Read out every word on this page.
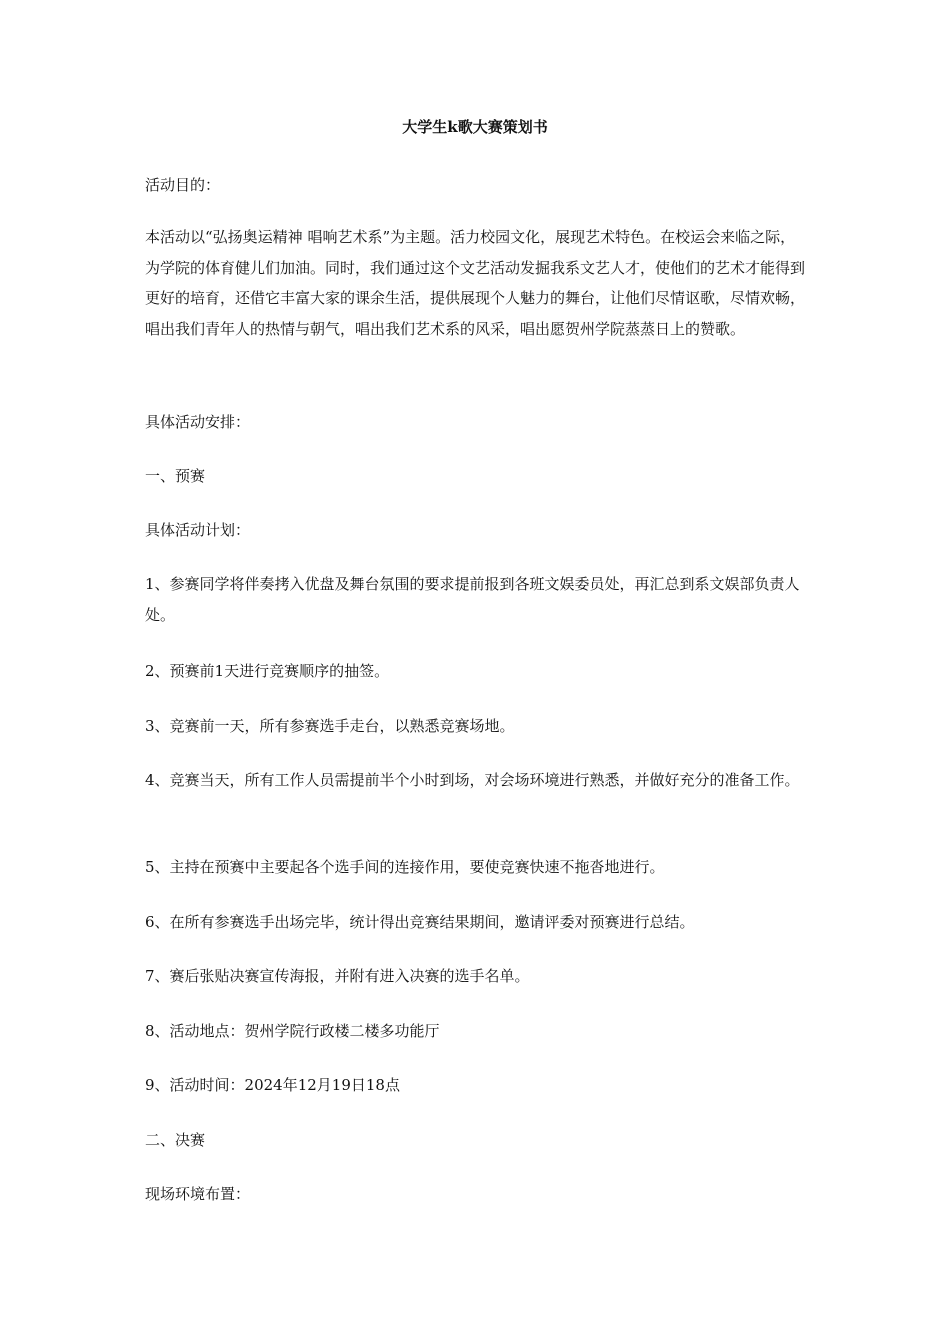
大学生k歌大赛策划书

活动目的：

本活动以“弘扬奥运精神 唱响艺术系”为主题。活力校园文化，展现艺术特色。在校运会来临之际，为学院的体育健儿们加油。同时，我们通过这个文艺活动发掘我系文艺人才，使他们的艺术才能得到更好的培育，还借它丰富大家的课余生活，提供展现个人魅力的舞台，让他们尽情讴歌，尽情欢畅，唱出我们青年人的热情与朝气，唱出我们艺术系的风采，唱出愿贺州学院蒸蒸日上的赞歌。

具体活动安排：

一、预赛

具体活动计划：

1、参赛同学将伴奏拷入优盘及舞台氛围的要求提前报到各班文娱委员处，再汇总到系文娱部负责人处。

2、预赛前1天进行竞赛顺序的抽签。

3、竞赛前一天，所有参赛选手走台，以熟悉竞赛场地。

4、竞赛当天，所有工作人员需提前半个小时到场，对会场环境进行熟悉，并做好充分的准备工作。

5、主持在预赛中主要起各个选手间的连接作用，要使竞赛快速不拖沓地进行。

6、在所有参赛选手出场完毕，统计得出竞赛结果期间，邀请评委对预赛进行总结。

7、赛后张贴决赛宣传海报，并附有进入决赛的选手名单。

8、活动地点：贺州学院行政楼二楼多功能厅

9、活动时间：2024年12月19日18点

二、决赛

现场环境布置：
